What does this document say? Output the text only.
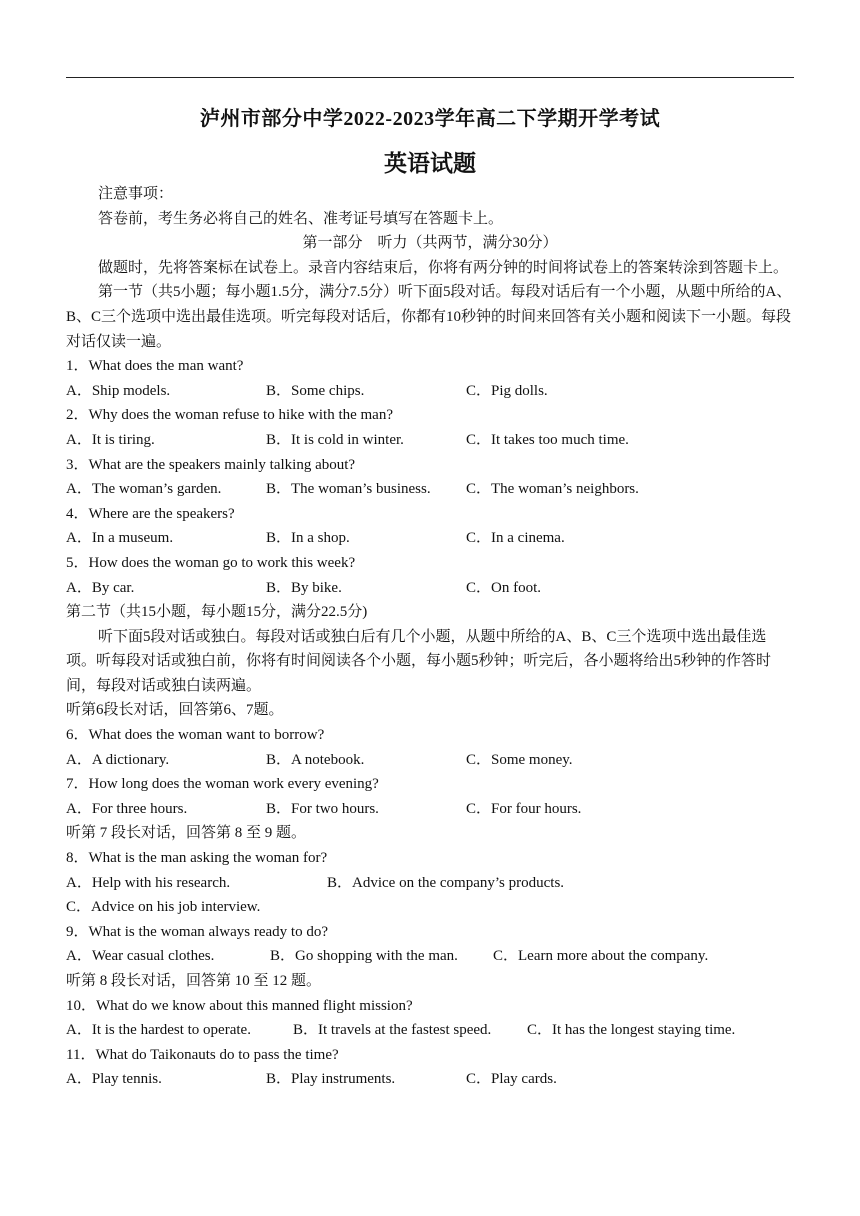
泸州市部分中学2022-2023学年高二下学期开学考试
英语试题
注意事项：
答卷前，考生务必将自己的姓名、准考证号填写在答题卡上。
第一部分　听力（共两节，满分30分）
做题时，先将答案标在试卷上。录音内容结束后，你将有两分钟的时间将试卷上的答案转涂到答题卡上。
第一节（共5小题；每小题1.5分，满分7.5分）听下面5段对话。每段对话后有一个小题，从题中所给的A、B、C三个选项中选出最佳选项。听完每段对话后，你都有10秒钟的时间来回答有关小题和阅读下一小题。每段对话仅读一遍。
1．What does the man want?
A．Ship models.	B．Some chips.	C．Pig dolls.
2．Why does the woman refuse to hike with the man?
A．It is tiring.	B．It is cold in winter.	C．It takes too much time.
3．What are the speakers mainly talking about?
A．The woman’s garden.	B．The woman’s business. C．The woman’s neighbors.
4．Where are the speakers?
A．In a museum.	B．In a shop.	C．In a cinema.
5．How does the woman go to work this week?
A．By car.	B．By bike.	C．On foot.
第二节（共15小题，每小题15分，满分22.5分)
听下面5段对话或独白。每段对话或独白后有几个小题，从题中所给的A、B、C三个选项中选出最佳选项。听每段对话或独白前，你将有时间阅读各个小题，每小题5秒钟；听完后，各小题将给出5秒钟的作答时间，每段对话或独白读两遍。
听第6段长对话，回答第6、7题。
6．What does the woman want to borrow?
A．A dictionary.	B．A notebook.	C．Some money.
7．How long does the woman work every evening?
A．For three hours.	B．For two hours.	C．For four hours.
听第 7 段长对话，回答第 8 至 9 题。
8．What is the man asking the woman for?
A．Help with his research.	B．Advice on the company’s products.
C．Advice on his job interview.
9．What is the woman always ready to do?
A．Wear casual clothes.	B．Go shopping with the man. C．Learn more about the company.
听第 8 段长对话，回答第 10 至 12 题。
10．What do we know about this manned flight mission?
A．It is the hardest to operate.	B．It travels at the fastest speed. C．It has the longest staying time.
11．What do Taikonauts do to pass the time?
A．Play tennis.	B．Play instruments.	C．Play cards.
